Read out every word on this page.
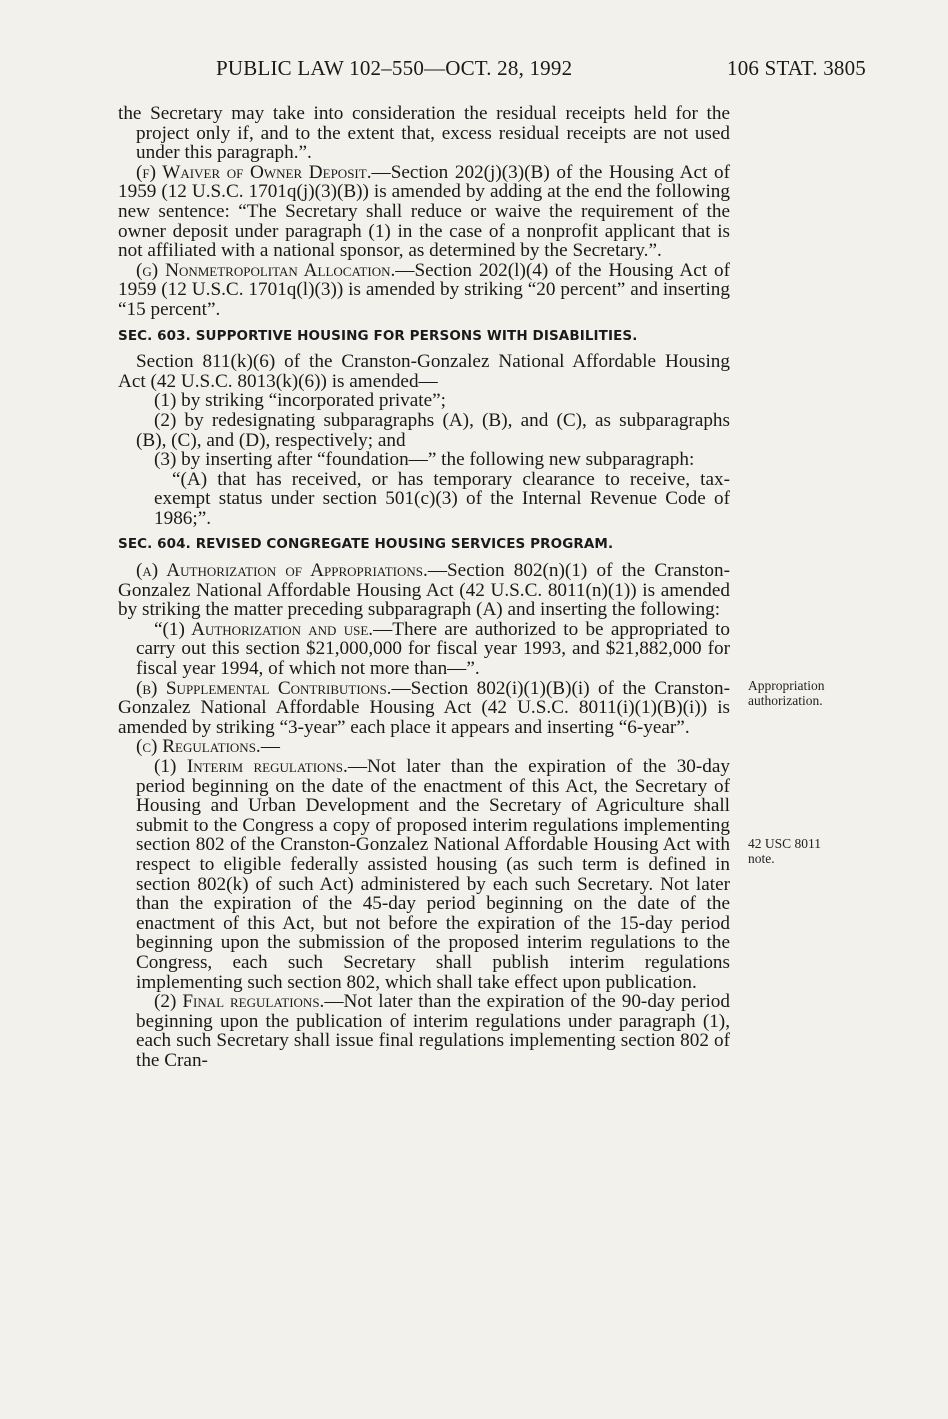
PUBLIC LAW 102–550—OCT. 28, 1992	106 STAT. 3805

the Secretary may take into consideration the residual receipts held for the project only if, and to the extent that, excess residual receipts are not used under this paragraph.”.

(f) Waiver of Owner Deposit.—Section 202(j)(3)(B) of the Housing Act of 1959 (12 U.S.C. 1701q(j)(3)(B)) is amended by adding at the end the following new sentence: “The Secretary shall reduce or waive the requirement of the owner deposit under paragraph (1) in the case of a nonprofit applicant that is not affiliated with a national sponsor, as determined by the Secretary.”.

(g) Nonmetropolitan Allocation.—Section 202(l)(4) of the Housing Act of 1959 (12 U.S.C. 1701q(l)(3)) is amended by striking “20 percent” and inserting “15 percent”.

SEC. 603. SUPPORTIVE HOUSING FOR PERSONS WITH DISABILITIES.

Section 811(k)(6) of the Cranston-Gonzalez National Affordable Housing Act (42 U.S.C. 8013(k)(6)) is amended—

(1) by striking “incorporated private”;

(2) by redesignating subparagraphs (A), (B), and (C), as subparagraphs (B), (C), and (D), respectively; and

(3) by inserting after “foundation—” the following new subparagraph:

“(A) that has received, or has temporary clearance to receive, tax-exempt status under section 501(c)(3) of the Internal Revenue Code of 1986;”.

SEC. 604. REVISED CONGREGATE HOUSING SERVICES PROGRAM.

(a) Authorization of Appropriations.—Section 802(n)(1) of the Cranston-Gonzalez National Affordable Housing Act (42 U.S.C. 8011(n)(1)) is amended by striking the matter preceding subparagraph (A) and inserting the following:

“(1) Authorization and use.—There are authorized to be appropriated to carry out this section $21,000,000 for fiscal year 1993, and $21,882,000 for fiscal year 1994, of which not more than—”.

(b) Supplemental Contributions.—Section 802(i)(1)(B)(i) of the Cranston-Gonzalez National Affordable Housing Act (42 U.S.C. 8011(i)(1)(B)(i)) is amended by striking “3-year” each place it appears and inserting “6-year”.

(c) Regulations.—

(1) Interim regulations.—Not later than the expiration of the 30-day period beginning on the date of the enactment of this Act, the Secretary of Housing and Urban Development and the Secretary of Agriculture shall submit to the Congress a copy of proposed interim regulations implementing section 802 of the Cranston-Gonzalez National Affordable Housing Act with respect to eligible federally assisted housing (as such term is defined in section 802(k) of such Act) administered by each such Secretary. Not later than the expiration of the 45-day period beginning on the date of the enactment of this Act, but not before the expiration of the 15-day period beginning upon the submission of the proposed interim regulations to the Congress, each such Secretary shall publish interim regulations implementing such section 802, which shall take effect upon publication.

(2) Final regulations.—Not later than the expiration of the 90-day period beginning upon the publication of interim regulations under paragraph (1), each such Secretary shall issue final regulations implementing section 802 of the Cran-

Appropriation authorization.
42 USC 8011 note.
